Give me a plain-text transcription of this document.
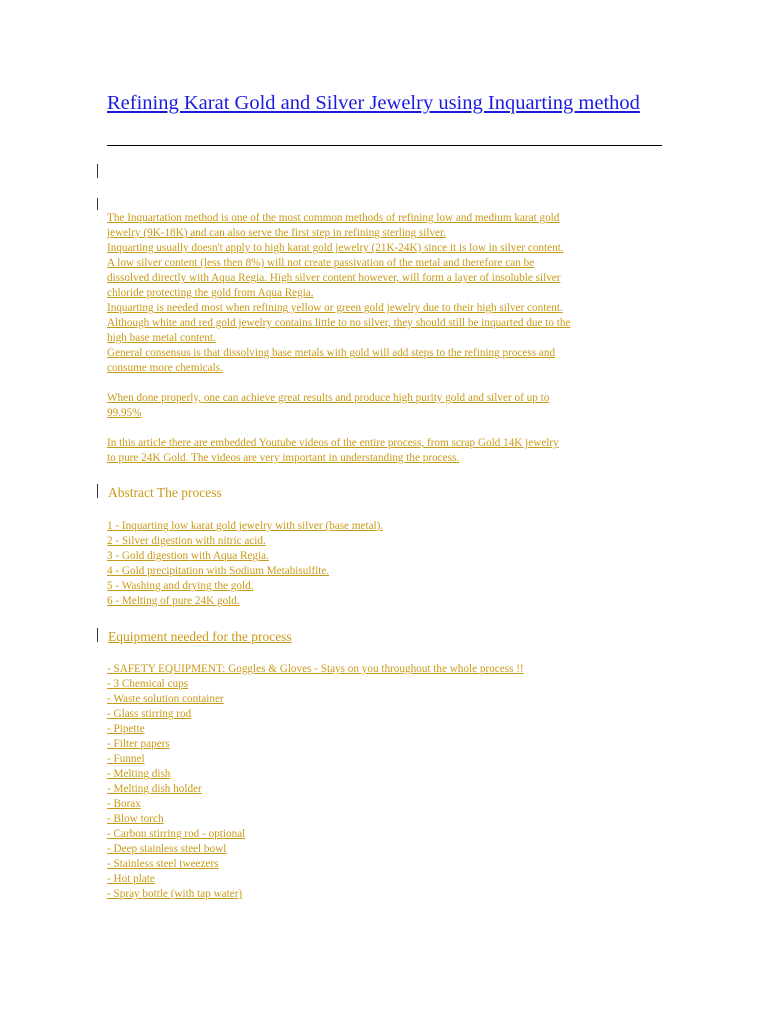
Refining Karat Gold and Silver Jewelry using Inquarting method

The Inquartation method is one of the most common methods of refining low and medium karat gold
jewelry (9K-18K) and can also serve the first step in refining sterling silver.
Inquarting usually doesn't apply to high karat gold jewelry (21K-24K) since it is low in silver content.
A low silver content (less then 8%) will not create passivation of the metal and therefore can be
dissolved directly with Aqua Regia. High silver content however, will form a layer of insoluble silver
chloride protecting the gold from Aqua Regia.
Inquarting is needed most when refining yellow or green gold jewelry due to their high silver content.
Although white and red gold jewelry contains little to no silver, they should still be inquarted due to the
high base metal content.
General consensus is that dissolving base metals with gold will add steps to the refining process and
consume more chemicals.

When done properly, one can achieve great results and produce high purity gold and silver of up to
99.95%

In this article there are embedded Youtube videos of the entire process, from scrap Gold 14K jewelry
to pure 24K Gold. The videos are very important in understanding the process.

Abstract The process
1 - Inquarting low karat gold jewelry with silver (base metal).
2 - Silver digestion with nitric acid.
3 - Gold digestion with Aqua Regia.
4 - Gold precipitation with Sodium Metabisulfite.
5 - Washing and drying the gold.
6 - Melting of pure 24K gold.
Equipment needed for the process
- SAFETY EQUIPMENT: Goggles & Gloves - Stays on you throughout the whole process !!
- 3 Chemical cups
- Waste solution container
- Glass stirring rod
- Pipette
- Filter papers
- Funnel
- Melting dish
- Melting dish holder
- Borax
- Blow torch
- Carbon stirring rod - optional
- Deep stainless steel bowl
- Stainless steel tweezers
- Hot plate
- Spray bottle (with tap water)
